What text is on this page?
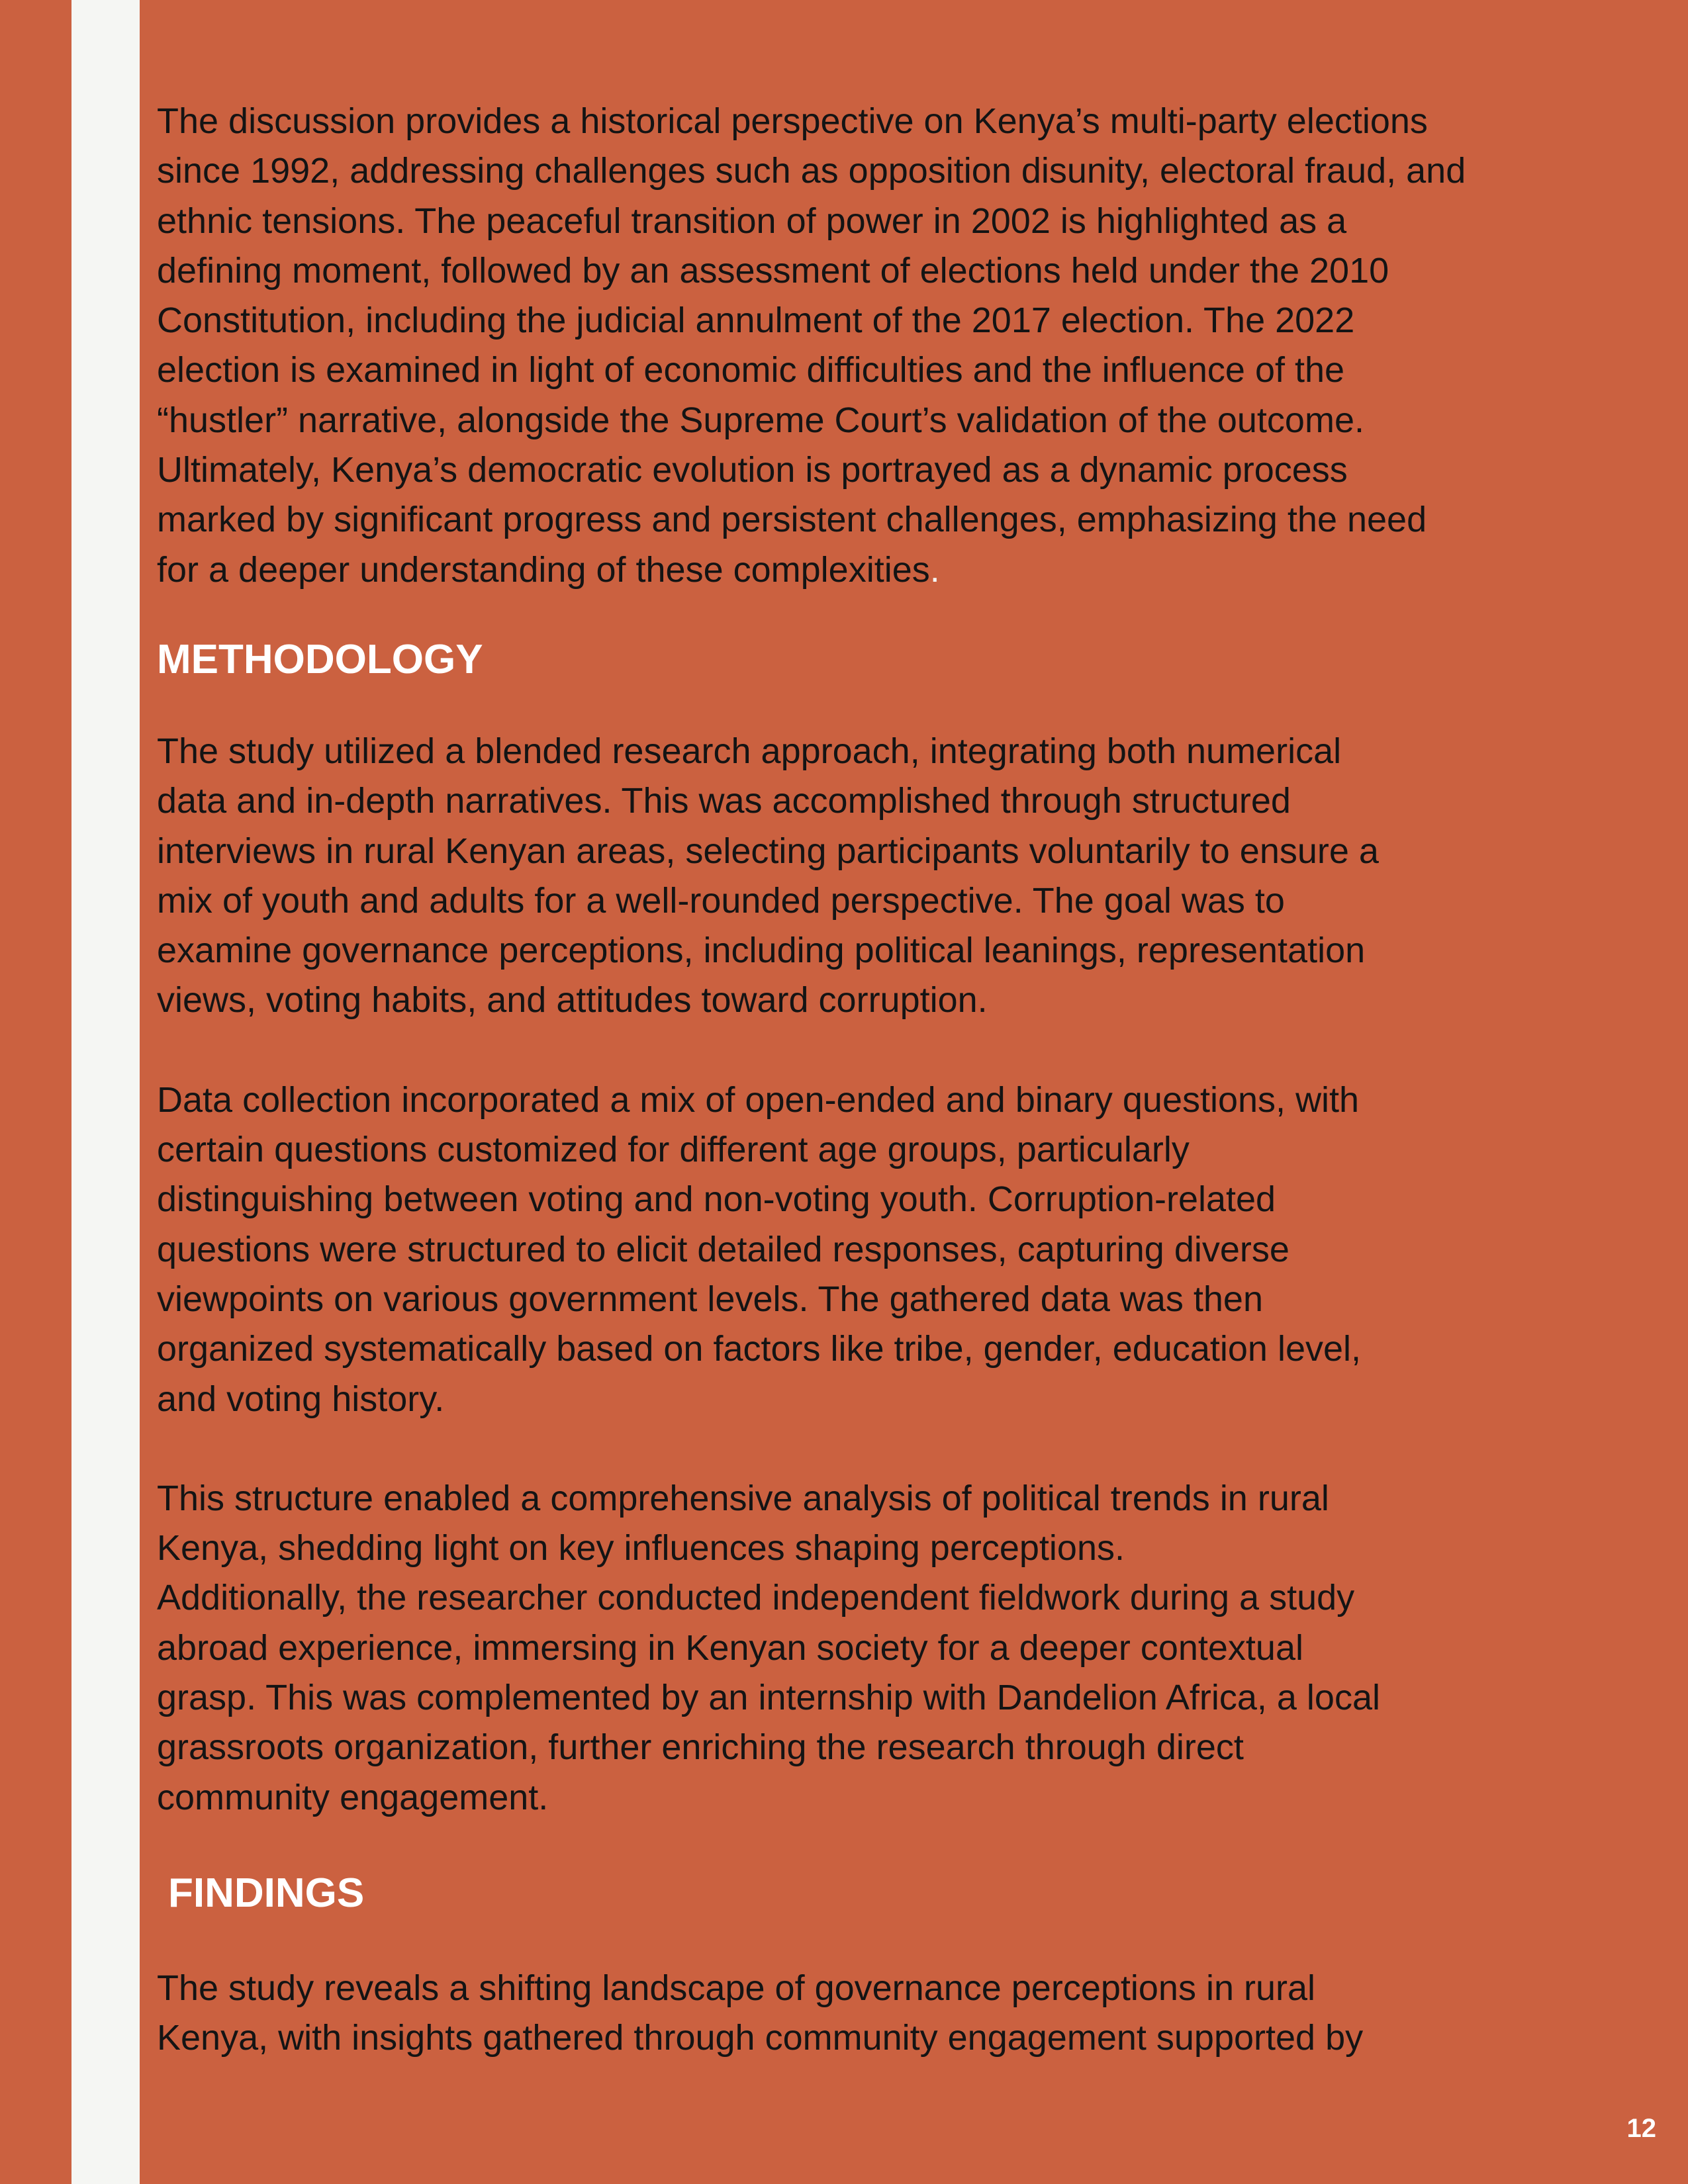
The discussion provides a historical perspective on Kenya’s multi-party elections
since 1992, addressing challenges such as opposition disunity, electoral fraud, and
ethnic tensions. The peaceful transition of power in 2002 is highlighted as a
defining moment, followed by an assessment of elections held under the 2010
Constitution, including the judicial annulment of the 2017 election. The 2022
election is examined in light of economic difficulties and the influence of the
“hustler” narrative, alongside the Supreme Court’s validation of the outcome.
Ultimately, Kenya’s democratic evolution is portrayed as a dynamic process
marked by significant progress and persistent challenges, emphasizing the need
for a deeper understanding of these complexities.

METHODOLOGY

The study utilized a blended research approach, integrating both numerical
data and in-depth narratives. This was accomplished through structured
interviews in rural Kenyan areas, selecting participants voluntarily to ensure a
mix of youth and adults for a well-rounded perspective. The goal was to
examine governance perceptions, including political leanings, representation
views, voting habits, and attitudes toward corruption.

Data collection incorporated a mix of open-ended and binary questions, with
certain questions customized for different age groups, particularly
distinguishing between voting and non-voting youth. Corruption-related
questions were structured to elicit detailed responses, capturing diverse
viewpoints on various government levels. The gathered data was then
organized systematically based on factors like tribe, gender, education level,
and voting history.

This structure enabled a comprehensive analysis of political trends in rural
Kenya, shedding light on key influences shaping perceptions.
Additionally, the researcher conducted independent fieldwork during a study
abroad experience, immersing in Kenyan society for a deeper contextual
grasp. This was complemented by an internship with Dandelion Africa, a local
grassroots organization, further enriching the research through direct
community engagement.

FINDINGS

The study reveals a shifting landscape of governance perceptions in rural
Kenya, with insights gathered through community engagement supported by

12
